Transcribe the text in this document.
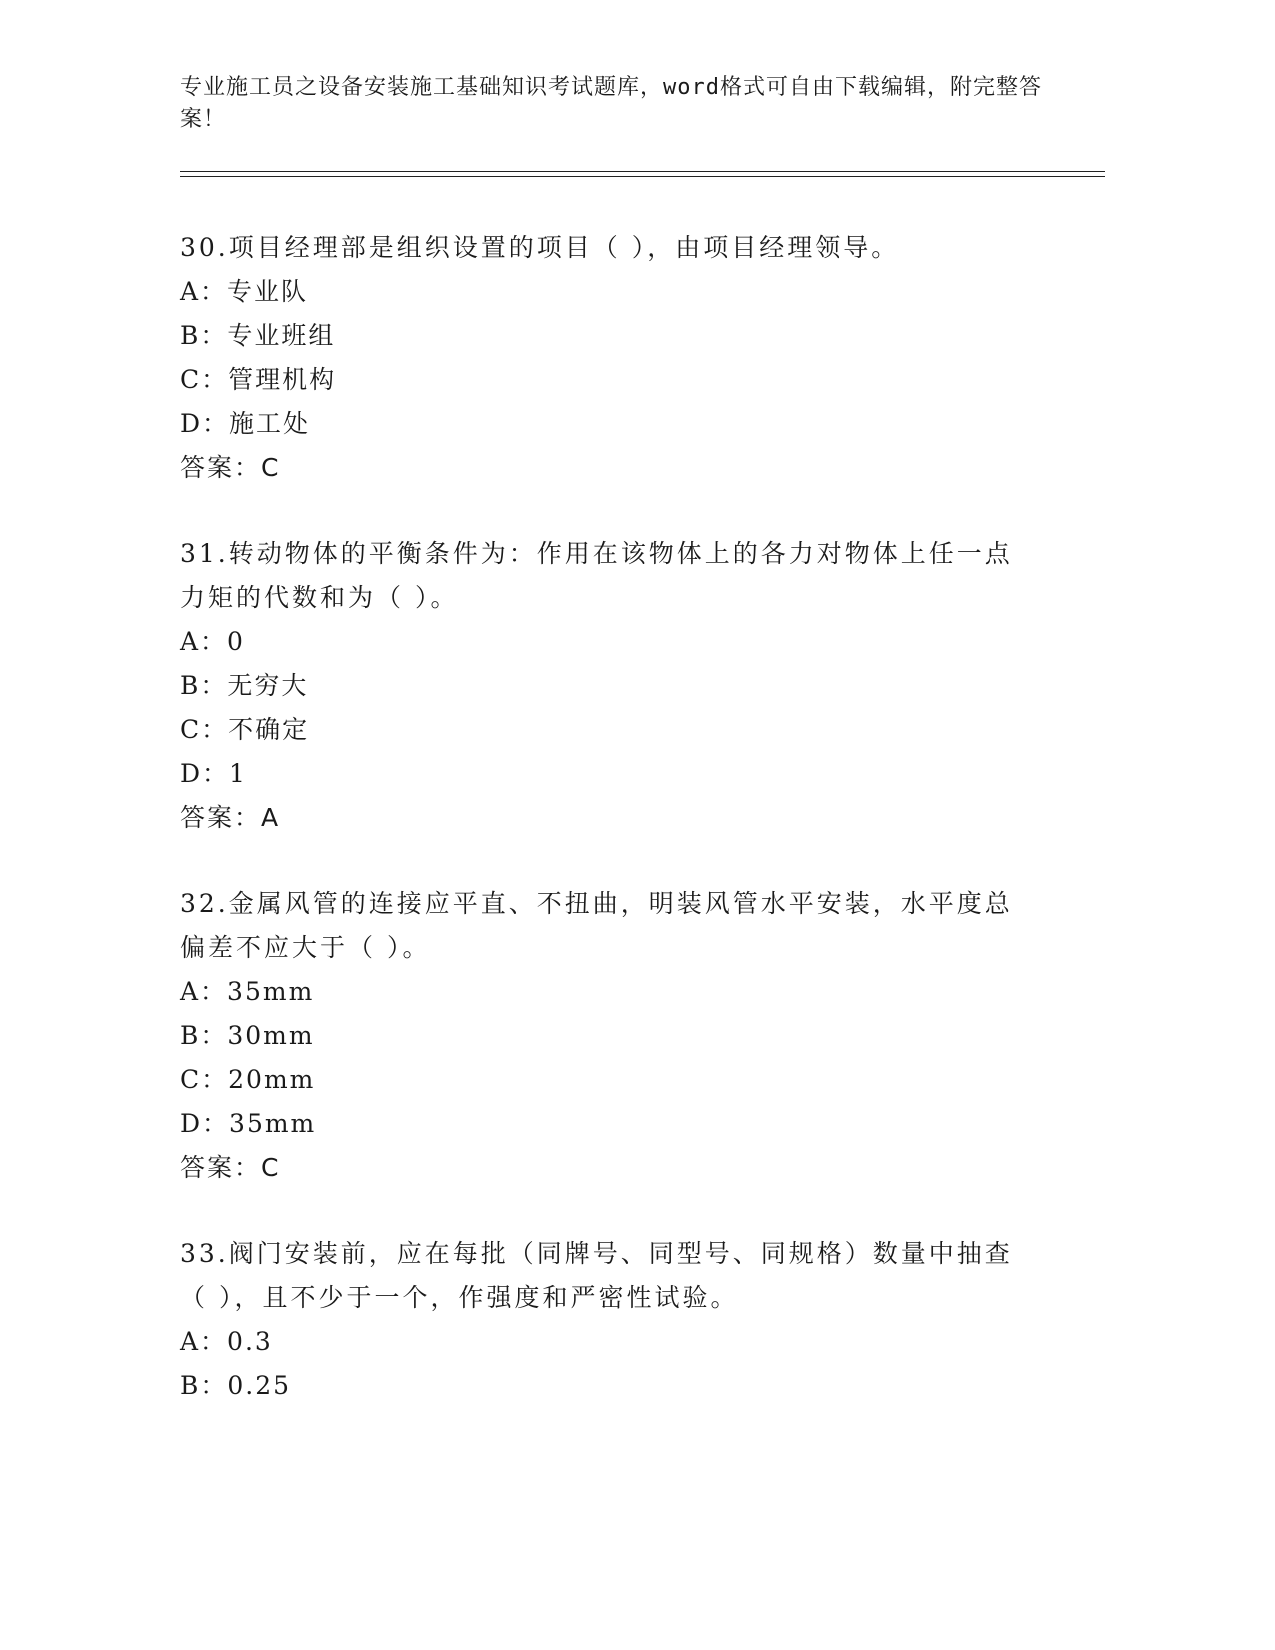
专业施工员之设备安装施工基础知识考试题库，word格式可自由下载编辑，附完整答案！

30.项目经理部是组织设置的项目（ ），由项目经理领导。

A：专业队

B：专业班组

C：管理机构

D：施工处

答案：C

31.转动物体的平衡条件为：作用在该物体上的各力对物体上任一点力矩的代数和为（ ）。

A：0

B：无穷大

C：不确定

D：1

答案：A

32.金属风管的连接应平直、不扭曲，明装风管水平安装，水平度总偏差不应大于（ ）。

A：35mm

B：30mm

C：20mm

D：35mm

答案：C

33.阀门安装前，应在每批（同牌号、同型号、同规格）数量中抽查（ ），且不少于一个，作强度和严密性试验。

A：0.3

B：0.25
